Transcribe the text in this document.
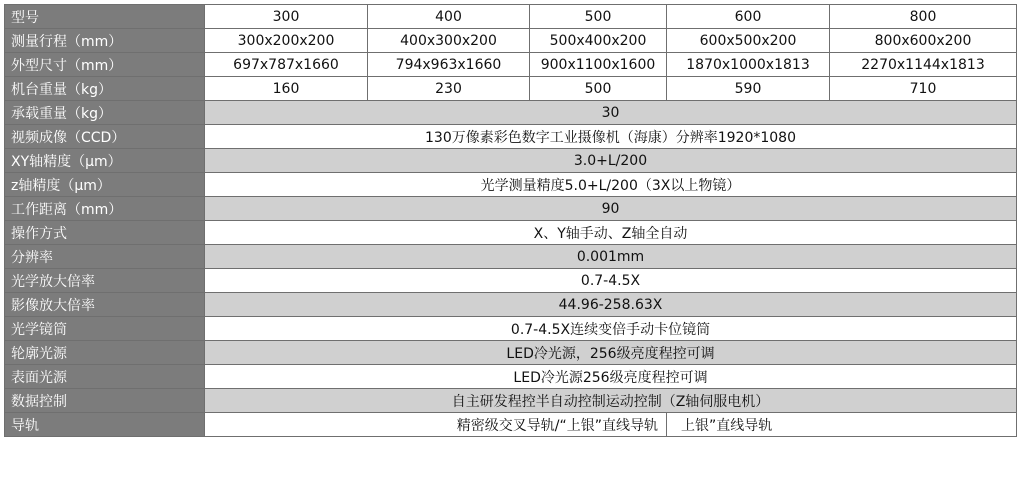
型号	300	400	500	600	800
测量行程（mm）	300x200x200	400x300x200	500x400x200	600x500x200	800x600x200
外型尺寸（mm）	697x787x1660	794x963x1660	900x1100x1600	1870x1000x1813	2270x1144x1813
机台重量（kg）	160	230	500	590	710
承载重量（kg）	30				
视频成像（CCD）	130万像素彩色数字工业摄像机（海康）分辨率1920*1080				
XY轴精度（μm）	3.0+L/200				
z轴精度（μm）	光学测量精度5.0+L/200（3X以上物镜）				
工作距离（mm）	90				
操作方式	X、Y轴手动、Z轴全自动				
分辨率	0.001mm				
光学放大倍率	0.7-4.5X				
影像放大倍率	44.96-258.63X				
光学镜筒	0.7-4.5X连续变倍手动卡位镜筒				
轮廓光源	LED冷光源，256级亮度程控可调				
表面光源	LED冷光源256级亮度程控可调				
数据控制	自主研发程控半自动控制运动控制（Z轴伺服电机）				
导轨	精密级交叉导轨/“上银”直线导轨			上银”直线导轨	
